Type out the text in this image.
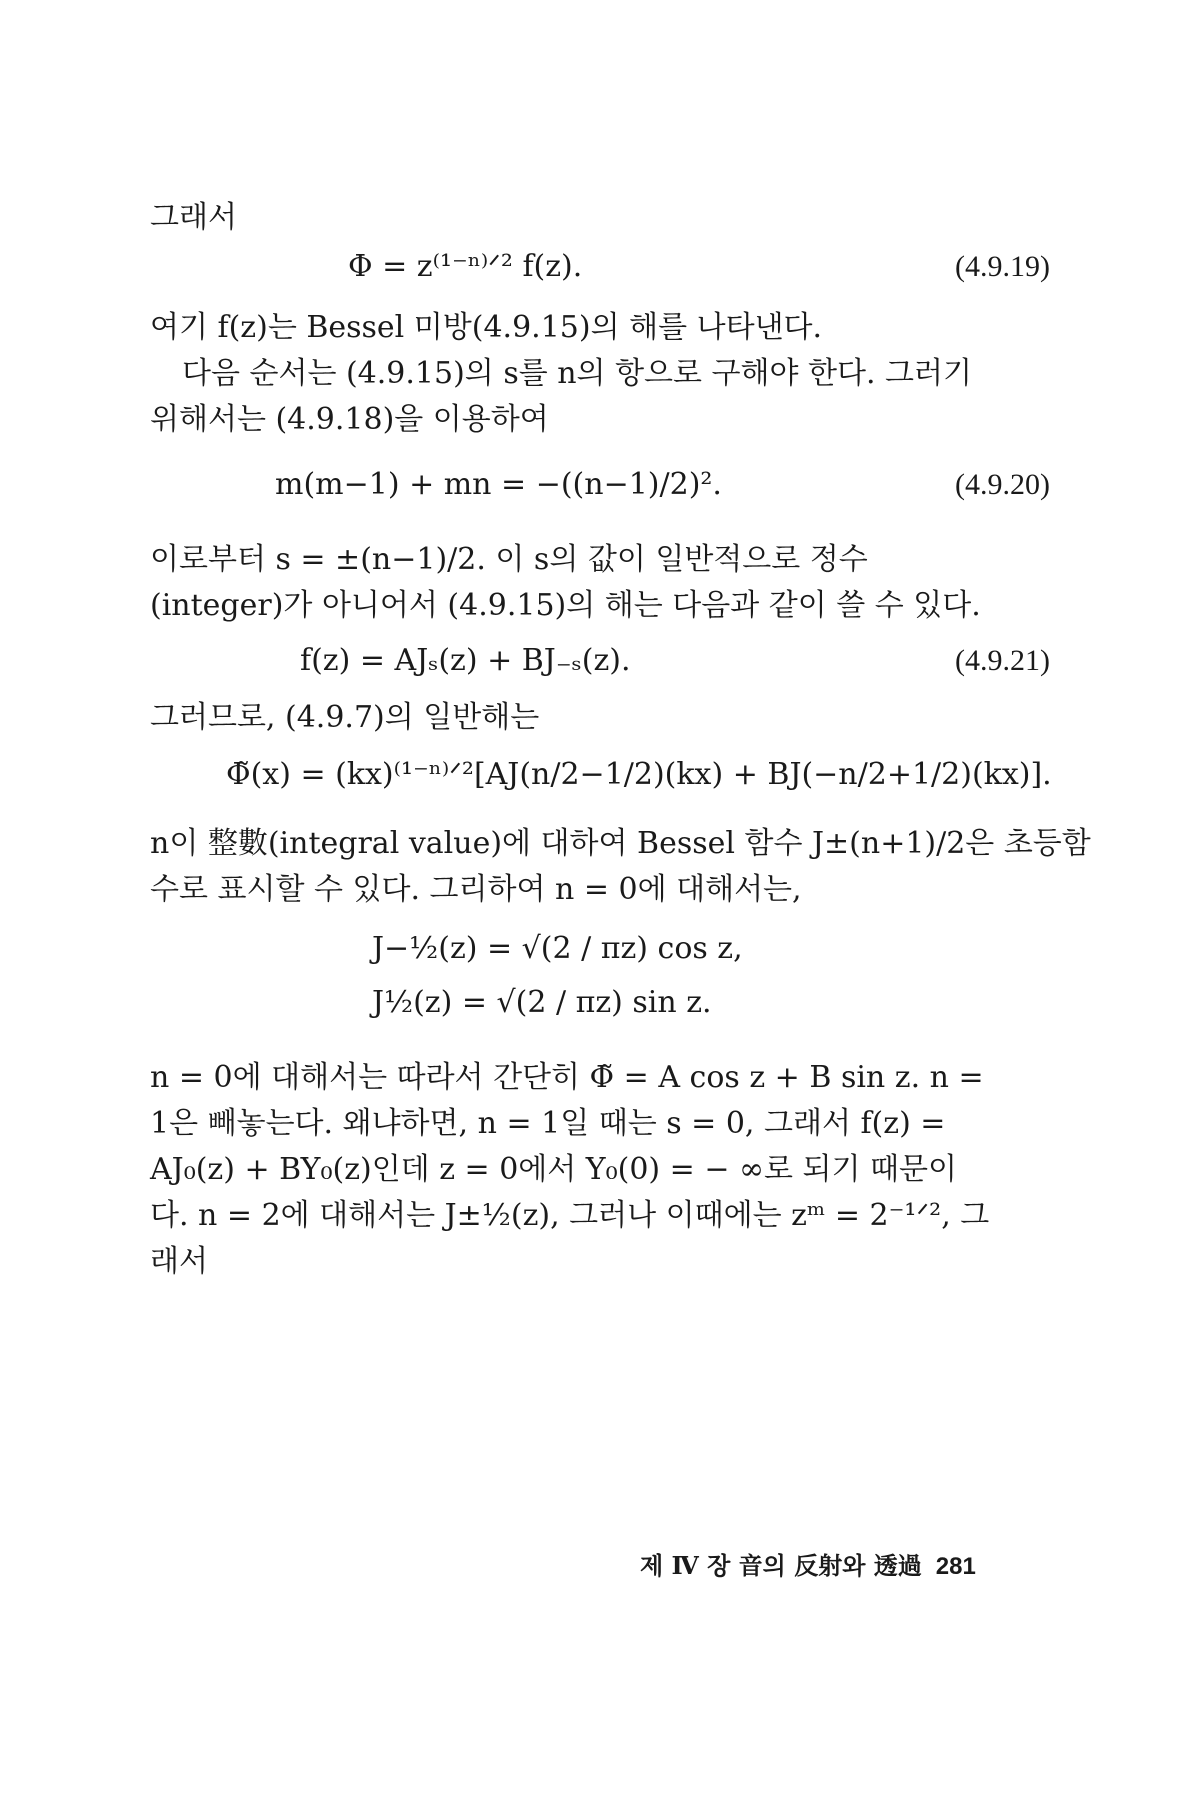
그래서
Φ = z⁽¹⁻ⁿ⁾ᐟ² f(z).	(4.9.19)
여기 f(z)는 Bessel 미방(4.9.15)의 해를 나타낸다.
다음 순서는 (4.9.15)의 s를 n의 항으로 구해야 한다. 그러기
위해서는 (4.9.18)을 이용하여
m(m−1) + mn = −((n−1)/2)².	(4.9.20)
이로부터 s = ±(n−1)/2. 이 s의 값이 일반적으로 정수
(integer)가 아니어서 (4.9.15)의 해는 다음과 같이 쓸 수 있다.
f(z) = AJₛ(z) + BJ₋ₛ(z).	(4.9.21)
그러므로, (4.9.7)의 일반해는
Φ̃(x) = (kx)⁽¹⁻ⁿ⁾ᐟ²[AJ(n/2−1/2)(kx) + BJ(−n/2+1/2)(kx)].
n이 整數(integral value)에 대하여 Bessel 함수 J±(n+1)/2은 초등함
수로 표시할 수 있다. 그리하여 n = 0에 대해서는,
J−½(z) = √(2 / πz) cos z,
J½(z) = √(2 / πz) sin z.
n = 0에 대해서는 따라서 간단히 Φ̃ = A cos z + B sin z. n =
1은 빼놓는다. 왜냐하면, n = 1일 때는 s = 0, 그래서 f(z) =
AJ₀(z) + BY₀(z)인데 z = 0에서 Y₀(0) = − ∞로 되기 때문이
다. n = 2에 대해서는 J±½(z), 그러나 이때에는 zᵐ = 2⁻¹ᐟ², 그
래서
제 Ⅳ 장 音의 反射와 透過 281
